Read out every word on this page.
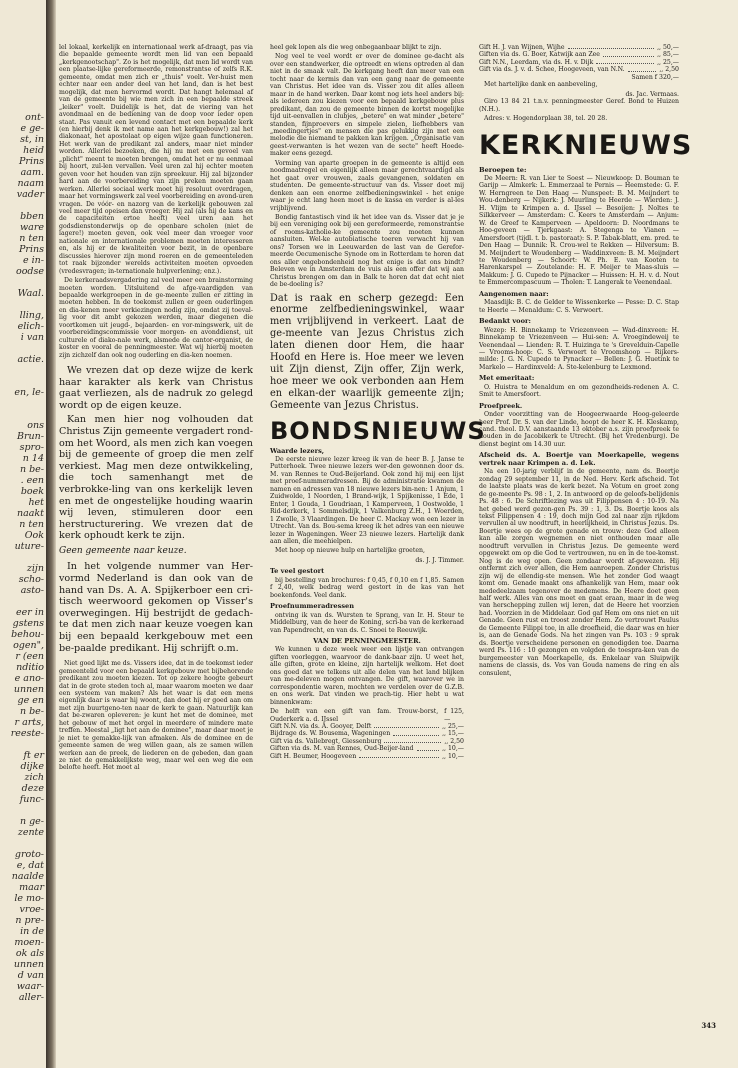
ont-
e ge-
st, in
heid
Prins
aam.
naam
vader

bben
ware
n ten
Prins
e in-
oodse

Waal.

lling,
elich-
i van

actie.

en, le-

ons
Brun-
spro-
n 14
n be-
. een
boek
het
naakt
n ten
Ook
uture-

zijn
scho-
asto-

eer in
gstens
behou-
ogen",
r (een
nditio
e ano-
unnen
ge en
n be-
r arts,
reeste-

ft er
dijke
zich
deze
func-

n ge-
zente

groto-
e, dat
naalde
maar
le mo-
vroe-
n pre-
in de
moen-
ok als
unnen
d van
waar-
aller-

lel lokaal, kerkelijk en internationaal werk af-draagt, pas via die bepaalde gemeente wordt men lid van een bepaald „kerkgenootschap". Zo is het mogelijk, dat men lid wordt van een plaatse-lijke gereformeerde, remonstrantse of zelfs R.K. gemeente, omdat men zich er „thuis" voelt. Ver-huist men echter naar een ander deel van het land, dan is het best mogelijk, dat men hervormd wordt. Dat hangt helemaal af van de gemeente bij wie men zich in een bepaalde streek „leiker" voelt. Duidelijk is het, dat de viering van het avondmaal en de bediening van de doop voor ieder open staat. Pas vanuit een levend contact met een bepaalde kerk (en hierbij denk ik met name aan het kerkgebouw!) zal het diakonaat, het apostolaat op eigen wijze gaan functioneren. Het werk van de predikant zal anders, maar niet minder worden. Allerlei bezoeken, die hij nu met een gevoel van „plicht" meent te moeten brengen, omdat het er nu eenmaal bij hoort, zul-len vervallen. Veel uren zal hij echter moeten geven voor het houden van zijn spreekuur. Hij zal bijzonder hard aan de voorbereiding van zijn preken moeten gaan werken. Allerlei sociaal werk moet hij resoluut overdragen, maar het vormingswerk zal veel voorbereiding en avond-uren vragen. De vóór- en nazorg van de kerkelijk gebouwen zal veel meer tijd opeisen dan vroeger. Hij zal (als hij de kans en de capaciteiten ertoe heeft) veel uren aan het godsdienstonderwijs op de openbare scholen (niet de lagere!) moeten geven, ook veel meer dan vroeger voor nationale en internationale problemen moeten interesseren en, als hij er de kwaliteiten voor bezit, in de openbare discussies hierover zijn mond roeren en de gemeenteleden tot raak bijzonder werelds activiteiten moeten opvoeden (vredesvragen; in-ternationale hulpverlening; enz.).

De kerkeraadsvergadering zal veel meer een brainstorming moeten worden. Uitsluitend de afge-vaardigden van bepaalde werkgroepen in de ge-meente zullen er zitting in moeten hebben. In de toekomst zullen er geen ouderlingen en dia-kenen meer verkiezingen nodig zijn, omdat zij toeval-lig voor dit ambt gekozen werden, maar diegenen die voortkomen uit jeugd-, bejaarden- en vor-mingswerk, uit de voorbereidingscommissie voor morgen- en avonddienst, uit culturele of diako-nale werk, alsmede de cantor-organist, de koster en vooral de penningmeester. Wat wij hierbij moeten zijn zichzelf dan ook nog ouderling en dia-ken noemen.

We vrezen dat op deze wijze de kerk haar karakter als kerk van Christus gaat verliezen, als de nadruk zo gelegd wordt op de eigen keuze.

Kan men hier nog volhouden dat Christus Zijn gemeente vergadert rond-om het Woord, als men zich kan voegen bij de gemeente of groep die men zelf verkiest. Mag men deze ontwikkeling, die toch samenhangt met de verbrokke-ling van ons kerkelijk leven en met de ongestelijke houding waarin wij leven, stimuleren door een herstructurering. We vrezen dat de kerk ophoudt kerk te zijn.

Geen gemeente naar keuze.

In het volgende nummer van Her-vormd Nederland is dan ook van de hand van Ds. A. A. Spijkerboer een cri-tisch weerwoord gekomen op Visser's overwegingen. Hij bestrijdt de gedach-te dat men zich naar keuze voegen kan bij een bepaald kerkgebouw met een be-paalde predikant. Hij schrijft o.m.

Niet goed lijkt me ds. Vissers idee, dat in de toekomst ieder gemeentelid voor een bepaald kerkgebouw met bijbehorende predikant zou moeten kiezen. Tot op zekere hoogte gebeurt dat in de grote steden toch al, maar waarom moeten we daar een systeem van maken? Als het waar is dat een mens eigenlijk daar is waar hij woont, dan doet hij er goed aan om met zijn buurtgeno-ten naar de kerk te gaan. Natuurlijk kan dat be-zwaren opleveren: je kunt het met de dominee, met het gebouw of met het orgel in meerdere of mindere mate treffen. Meestal „ligt het aan de dominee", maar daar moet je je niet te gemakke-lijk van afmaken. Als de dominee en de gemeente samen de weg willen gaan, als ze samen willen werken aan de preek, de liederen en de gebeden, dan gaan ze niet de gemakkelijkste weg, maar wel een weg die een belofte heeft. Het moet al

heel gek lopen als die weg onbegaanbaar blijkt te zijn.

Nog veel te veel wordt er over de dominee ge-dacht als over een standwerker, die optreedt en wiens optreden al dan niet in de smaak valt. De kerkgang heeft dan meer van een tocht naar de kermis dan van een gang naar de gemeente van Christus. Het idee van ds. Visser zou dit alles alleen maar in de hand werken. Daar komt nog iets heel anders bij: als iedereen zou kiezen voor een bepaald kerkgebouw plus predikant, dan zou de gemeente binnen de kortst mogelijke tijd uit-eenvallen in clubjes, „betere" en wat minder „betere" standen, fijnproevers en simpele zielen, liefhebbers van „meedingertjes" en mensen die pas gelukkig zijn met een melodie die niemand te pakken kan krijgen. „Organisatie van geest-verwanten is het wezen van de secte" heeft Hoede-maker eens gezegd.

Vorming van aparte groepen in de gemeente is altijd een noodmaatregel en eigenlijk alleen maar gerechtvaardigd als het gaat over vrouwen, zaals gevangenen, soldaten en studenten. De gemeente-structuur van ds. Visser doet mij denken aan een enorme zelfbedieningswinkel - het enige waar je echt lang heen moet is de kassa en verder is al-les vrijblijvend.

Bondig fantastisch vind ik het idee van ds. Visser dat je je bij een vereniging ook bij een gereformeerde, remonstrantse of rooms-katholie-ke gemeente zou moeten kunnen aansluiten. Wel-ke autobiatische toeren verwacht hij van ons? Torsen we in Leeuwarden de last van de Gerefor-meerde Oecumenische Synode om in Rotterdam te horen dat ons aller ongebondenheid nog het enige is dat ons bindt? Beleven we in Amsterdam de vuis als een offer dat wij aan Christus brengen om dan in Balk te horen dat dat echt niet de be-doeling is?

Dat is raak en scherp gezegd: Een enorme zelfbedieningswinkel, waar men vrijblijvend in verkeert. Laat de ge-meente van Jezus Christus zich laten dienen door Hem, die haar Hoofd en Here is. Hoe meer we leven uit Zijn dienst, Zijn offer, Zijn werk, hoe meer we ook verbonden aan Hem en elkan-der waarlijk gemeente zijn; Gemeente van Jezus Christus.
BONDSNIEUWS
Waarde lezers,

De eerste nieuwe lezer kreeg ik van de heer B. J. Janse te Putterhoek. Twee nieuwe lezers wer-den gewonnen door ds. M. van Rennes te Oud-Beijerland. Ook zond hij mij een lijst met proef-nummeradressen. Bij de administratie kwamen de namen en adressen van 18 nieuwe lezers bin-nen: 1 Anjum, 1 Zuidwolde, 1 Noorden, 1 Brand-wijk, 1 Spijkenisse, 1 Ede, 1 Enter, 1 Gouda, 1 Goudriaan, 1 Kamperveen, 1 Oostwolde, 1 Rid-derkerk, 1 Sommelsdijk, 1 Valkenburg Z.H., 1 Woerden, 1 Zwolle, 3 Vlaardingen. De heer C. Mackay won een lezer in Utrecht. Van ds. Bou-sema kreeg ik het adres van een nieuwe lezer in Wageningen. Weer 23 nieuwe lezers. Hartelijk dank aan allen, die meehielpen.

Met hoop op nieuwe hulp en hartelijke groeten,

ds. J. J. Timmer.
Te veel gestort

bij bestelling van brochures: f 0,45, f 0,10 en f 1,85. Samen f 2,40, welk bedrag werd gestort in de kas van het boekenfonds. Veel dank.

Proefnummeradressen

ontving ik van ds. Wursten te Sprang, van Ir. H. Steur te Middelburg, van de heer de Koning, scri-ba van de kerkeraad van Papendrecht, en van ds. C. Snoei te Reeuwijk.

VAN DE PENNINGMEESTER.

We kunnen u deze week weer een lijstje van ontvangen giften voorleggen, waarvoor de dank-baar zijn. U weet het, alle giften, grote en kleine, zijn hartelijk welkom. Het doet ons goed dat we telkens uit alle delen van het land blijken van me-deleven mogen ontvangen. De gift, waarover we in correspondentie waren, mochten we verdelen over de G.Z.B. en ons werk. Dat vinden we prach-tig. Hier hebt u wat binnenkwam:

De helft van een gift van fam. Trouw-borst, Ouderkerk a. d. IJssel
f 125,—
Gift N.N. via ds. A. Gooyer, Delft	,, 25,—
Bijdrage ds. W. Bousema, Wageningen	,, 15,—
Gift via ds. Vallebregt, Giessenburg	,, 2,50
Giften via ds. M. van Rennes, Oud-Beijer-land	,, 10,—
Gift H. Beumer, Hoogeveen	,, 10,—
Gift H. J. van Wijnen, Wijhe	,, 50,—
Giften via ds. G. Boer, Katwijk aan Zee	,, 85,—
Gift N.N., Leerdam, via ds. H. v. Dijk	,, 25,—
Gift via ds. J. v. d. Schee, Hoogeveen, van N.N.	,, 2,50
Samen f 320,—

Met hartelijke dank en aanbeveling,

ds. Jac. Vermaas.

Giro 13 84 21 t.n.v. penningmeester Geref. Bond te Huizen (N.H.).

Adres: v. Hogendorplaan 38, tel. 20 28.

KERKNIEUWS
Beroepen te:

De Meern: R. van Lier te Soest — Nieuwkoop: D. Bouman te Garijp — Almkerk: L. Emmerzaal te Pernis — Heemstede: G. F. W. Herngreen te Den Haag — Nunspeet: B. M. Meijndert te Wou-denberg — Nijkerk: J. Muurling te Heerde — Wierden: J. H. Vlijm te Krimpen a. d. IJssel — Besoijen: J. Noltes te Silkkerveer — Amsterdam: C. Keers te Amsterdam — Anjum: W. de Greef te Kamperveen — Apeldoorn: D. Noordmans te Hoo-geveen — Tjerkgaast: A. Stegenga te Vianen — Amersfoort (tijdl. t. b. pastoraat): S. P. Tabak-blatt, em. pred. te Den Haag — Dunnik: R. Crou-wel te Rekken — Hilversum: B. M. Meijndert te Woudenberg — Waddinxveen: B. M. Meijndert te Woudenberg — Schoort: W. Ph. E. van Kooten te Harenkarspel — Zoutelande: H. F. Meijer te Maas-sluis — Makkum: J. G. Cupedo te Pijnacker — Huissen: H. H. v. d. Nout te Emmercompascuum — Tholen: T. Langerak te Veenendaal.

Aangenomen naar:

Maasdijk: B. C. de Gelder te Wissenkerke — Pesse: D. C. Stap te Heerle — Menaldum: C. S. Verwoert.

Bedankt voor:

Wezep: H. Binnekamp te Vriezenveen — Wad-dinxveen: H. Binnekamp te Vriezenveen — Hui-sen: A. Vroegindeweij te Veenendaal — Lienden: R. T. Huizinga te 's Grevelduin-Capelle — Vrooms-hoop: C. S. Verwoert te Vroomshoop — Rijkers-milde: J. G. N. Cupedo te Pynacker — Bellen: J. G. Huetink te Markelo — Hardinxveld: A. Ste-kelenburg te Lexmond.

Met emeritaat:

O. Huistra te Menaldum en om gezondheids-redenen A. C. Smit te Amersfoort.

Proefpreek.

Onder voorzitting van de Hoogeerwaarde Hoog-geleerde heer Prof. Dr. S. van der Linde, hoopt de heer K. H. Kleskamp, cand. theol. D.V. aanstaande 13 oktober a.s. zijn proefpreek te houden in de Jacobikerk te Utrecht. (Bij het Vredenburg). De dienst begint om 14.30 uur.

Afscheid ds. A. Boertje van Moerkapelle, wegens vertrek naar Krimpen a. d. Lek.

Na een 10-jarig verblijf in de gemeente, nam ds. Boertje zondag 29 september 11, in de Ned. Herv. Kerk afscheid. Tot de laatste plaats was de kerk bezet. Na Votum en groet zong de ge-meente Ps. 98 : 1, 2. In antwoord op de geloofs-belijdenis Ps. 48 : 6. De Schriftlezing was uit Filippensen 4 : 10-19. Na het gebed werd gezon-gen Ps. 39 : 1, 3. Ds. Boertje koos als tekst Filippensen 4 : 19, doch mijn God zal naar zijn rijkdom vervullen al uw noodtruft, in heerlijkheid, in Christus Jezus. Ds. Boertje wees op de grote genade en trouw: deze God alleen kan alle zorgen wegnemen en niet onthouden maar alle noodtruft vervullen in Christus Jezus. De gemeente werd opgewekt om op die God te vertrouwen, nu en in de toe-komst. Nog is de weg open. Geen zondaar wordt af-gewezen. Hij ontfermt zich over allen, die Hem aanroepen. Zonder Christus zijn wij de ellendig-ste mensen. Wie het zonder God waagt komt om. Genade maakt ons afhankelijk van Hem, maar ook mededeelzaam tegenover de medemens. De Heere doet geen half werk. Alles van ons moet en gaat eraan, maar in de weg van herschepping zullen wij leren, dat de Heere het voorzien had. Voorzien in de Middelaar. God gaf Hem om ons niet en uit Genade. Geen rust en troost zonder Hem. Zo vertrouwt Paulus de Gemeente Filippi toe, in alle droefheid, die daar was en hier is, aan de Genade Gods. Na het zingen van Ps. 103 : 9 sprak ds. Boertje verscheidene personen en genodigden toe. Daarna werd Ps. 116 : 10 gezongen en volgden de toespra-ken van de burgemeester van Moerkapelle, ds. Enkelaar van Sluipwijk namens de classis, ds. Vos van Gouda namens de ring en als consulent,

343
